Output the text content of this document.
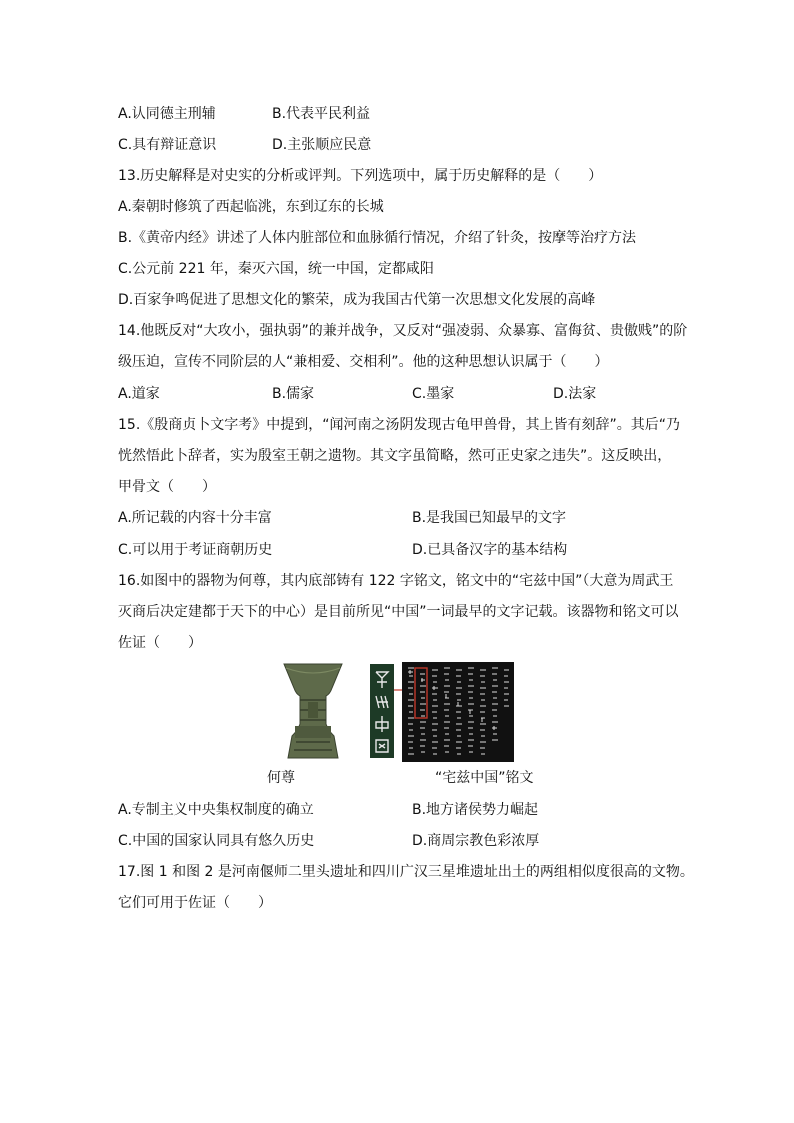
A.认同德主刑辅	B.代表平民利益
C.具有辩证意识	D.主张顺应民意
13.历史解释是对史实的分析或评判。下列选项中，属于历史解释的是（　　）
A.秦朝时修筑了西起临洮，东到辽东的长城
B.《黄帝内经》讲述了人体内脏部位和血脉循行情况，介绍了针灸，按摩等治疗方法
C.公元前 221 年，秦灭六国，统一中国，定都咸阳
D.百家争鸣促进了思想文化的繁荣，成为我国古代第一次思想文化发展的高峰
14.他既反对“大攻小，强执弱”的兼并战争，又反对“强凌弱、众暴寡、富侮贫、贵傲贱”的阶
级压迫，宣传不同阶层的人“兼相爱、交相利”。他的这种思想认识属于（　　）
A.道家	B.儒家	C.墨家	D.法家
15.《殷商贞卜文字考》中提到，“闻河南之汤阴发现古龟甲兽骨，其上皆有刻辞”。其后“乃
恍然悟此卜辞者，实为殷室王朝之遗物。其文字虽简略，然可正史家之违失”。这反映出，
甲骨文（　　）
A.所记载的内容十分丰富	B.是我国已知最早的文字
C.可以用于考证商朝历史	D.已具备汉字的基本结构
16.如图中的器物为何尊，其内底部铸有 122 字铭文，铭文中的“宅兹中国”（大意为周武王
灭商后决定建都于天下的中心）是目前所见“中国”一词最早的文字记载。该器物和铭文可以
佐证（　　）
何尊	“宅兹中国”铭文
A.专制主义中央集权制度的确立	B.地方诸侯势力崛起
C.中国的国家认同具有悠久历史	D.商周宗教色彩浓厚
17.图 1 和图 2 是河南偃师二里头遗址和四川广汉三星堆遗址出土的两组相似度很高的文物。
它们可用于佐证（　　）
